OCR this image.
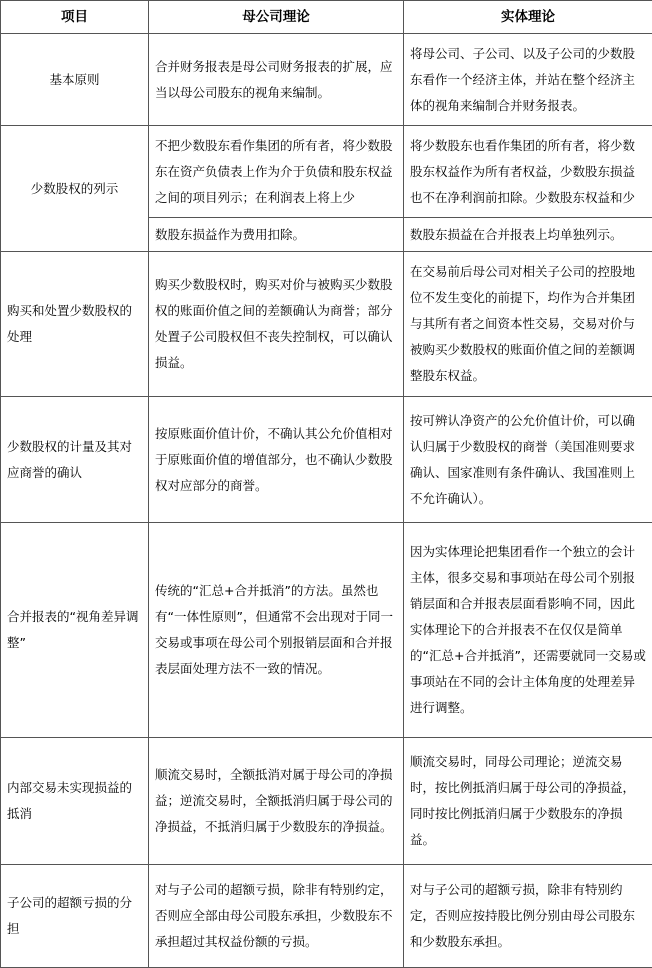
项目	母公司理论	实体理论
基本原则	合并财务报表是母公司财务报表的扩展，应当以母公司股东的视角来编制。	将母公司、子公司、以及子公司的少数股东看作一个经济主体，并站在整个经济主体的视角来编制合并财务报表。
少数股权的列示	不把少数股东看作集团的所有者，将少数股东在资产负债表上作为介于负债和股东权益之间的项目列示；在利润表上将上少	将少数股东也看作集团的所有者，将少数股东权益作为所有者权益，少数股东损益也不在净利润前扣除。少数股东权益和少
	数股东损益作为费用扣除。	数股东损益在合并报表上均单独列示。
购买和处置少数股权的处理	购买少数股权时，购买对价与被购买少数股权的账面价值之间的差额确认为商誉；部分处置子公司股权但不丧失控制权，可以确认损益。	在交易前后母公司对相关子公司的控股地位不发生变化的前提下，均作为合并集团与其所有者之间资本性交易，交易对价与被购买少数股权的账面价值之间的差额调整股东权益。
少数股权的计量及其对应商誉的确认	按原账面价值计价，不确认其公允价值相对于原账面价值的增值部分，也不确认少数股权对应部分的商誉。	按可辨认净资产的公允价值计价，可以确认归属于少数股权的商誉（美国准则要求确认、国家准则有条件确认、我国准则上不允许确认）。
合并报表的“视角差异调整”	传统的“汇总+合并抵消”的方法。虽然也有“一体性原则”，但通常不会出现对于同一交易或事项在母公司个别报销层面和合并报表层面处理方法不一致的情况。	因为实体理论把集团看作一个独立的会计主体，很多交易和事项站在母公司个别报销层面和合并报表层面看影响不同，因此实体理论下的合并报表不在仅仅是简单的“汇总+合并抵消”，还需要就同一交易或事项站在不同的会计主体角度的处理差异进行调整。
内部交易未实现损益的抵消	顺流交易时，全额抵消对属于母公司的净损益；逆流交易时，全额抵消归属于母公司的净损益，不抵消归属于少数股东的净损益。	顺流交易时，同母公司理论；逆流交易时，按比例抵消归属于母公司的净损益，同时按比例抵消归属于少数股东的净损益。
子公司的超额亏损的分担	对与子公司的超额亏损，除非有特别约定，否则应全部由母公司股东承担，少数股东不承担超过其权益份额的亏损。	对与子公司的超额亏损，除非有特别约定，否则应按持股比例分别由母公司股东和少数股东承担。
